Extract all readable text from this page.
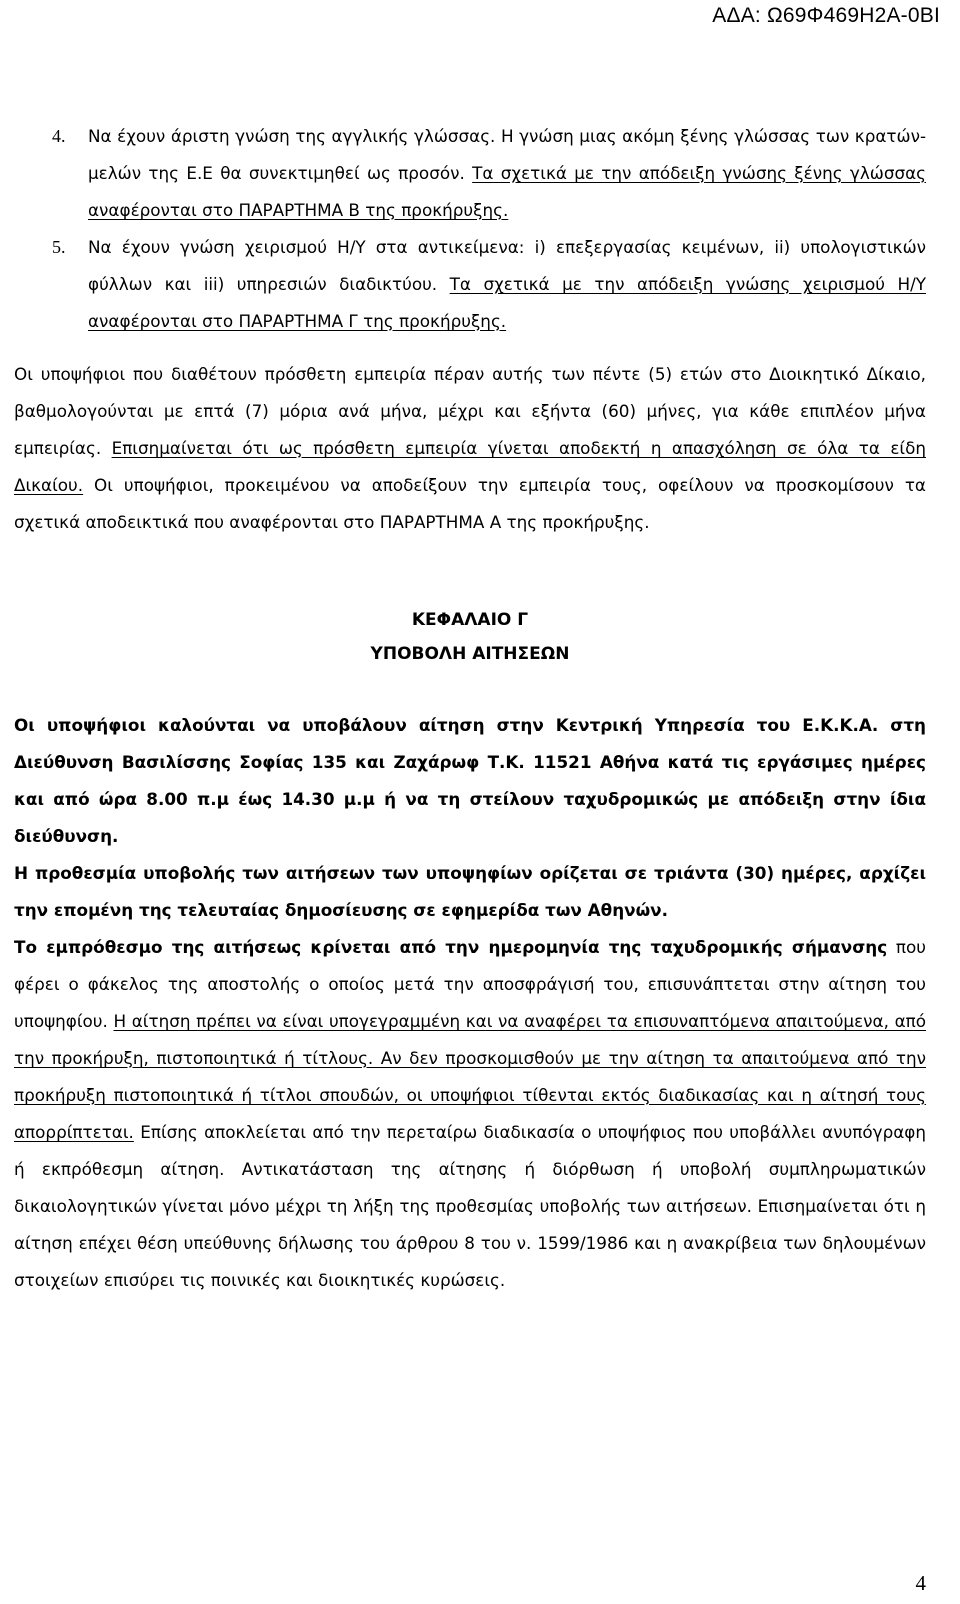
ΑΔΑ: Ω69Φ469Η2Α-0ΒΙ

4. Να έχουν άριστη γνώση της αγγλικής γλώσσας. Η γνώση μιας ακόμη ξένης γλώσσας των κρατών-μελών της Ε.Ε θα συνεκτιμηθεί ως προσόν. Τα σχετικά με την απόδειξη γνώσης ξένης γλώσσας αναφέρονται στο ΠΑΡΑΡΤΗΜΑ Β της προκήρυξης.

5. Να έχουν γνώση χειρισμού Η/Υ στα αντικείμενα: i) επεξεργασίας κειμένων, ii) υπολογιστικών φύλλων και iii) υπηρεσιών διαδικτύου. Τα σχετικά με την απόδειξη γνώσης χειρισμού Η/Υ αναφέρονται στο ΠΑΡΑΡΤΗΜΑ Γ της προκήρυξης.

Οι υποψήφιοι που διαθέτουν πρόσθετη εμπειρία πέραν αυτής των πέντε (5) ετών στο Διοικητικό Δίκαιο, βαθμολογούνται με επτά (7) μόρια ανά μήνα, μέχρι και εξήντα (60) μήνες, για κάθε επιπλέον μήνα εμπειρίας. Επισημαίνεται ότι ως πρόσθετη εμπειρία γίνεται αποδεκτή η απασχόληση σε όλα τα είδη Δικαίου. Οι υποψήφιοι, προκειμένου να αποδείξουν την εμπειρία τους, οφείλουν να προσκομίσουν τα σχετικά αποδεικτικά που αναφέρονται στο ΠΑΡΑΡΤΗΜΑ Α της προκήρυξης.

ΚΕΦΑΛΑΙΟ Γ

ΥΠΟΒΟΛΗ ΑΙΤΗΣΕΩΝ

Οι υποψήφιοι καλούνται να υποβάλουν αίτηση στην Κεντρική Υπηρεσία του Ε.Κ.Κ.Α. στη Διεύθυνση Βασιλίσσης Σοφίας 135 και Ζαχάρωφ Τ.Κ. 11521 Αθήνα κατά τις εργάσιμες ημέρες και από ώρα 8.00 π.μ έως 14.30 μ.μ ή να τη στείλουν ταχυδρομικώς με απόδειξη στην ίδια διεύθυνση.

Η προθεσμία υποβολής των αιτήσεων των υποψηφίων ορίζεται σε τριάντα (30) ημέρες, αρχίζει την επομένη της τελευταίας δημοσίευσης σε εφημερίδα των Αθηνών.

Το εμπρόθεσμο της αιτήσεως κρίνεται από την ημερομηνία της ταχυδρομικής σήμανσης που φέρει ο φάκελος της αποστολής ο οποίος μετά την αποσφράγισή του, επισυνάπτεται στην αίτηση του υποψηφίου. Η αίτηση πρέπει να είναι υπογεγραμμένη και να αναφέρει τα επισυναπτόμενα απαιτούμενα, από την προκήρυξη, πιστοποιητικά ή τίτλους. Αν δεν προσκομισθούν με την αίτηση τα απαιτούμενα από την προκήρυξη πιστοποιητικά ή τίτλοι σπουδών, οι υποψήφιοι τίθενται εκτός διαδικασίας και η αίτησή τους απορρίπτεται. Επίσης αποκλείεται από την περεταίρω διαδικασία ο υποψήφιος που υποβάλλει ανυπόγραφη ή εκπρόθεσμη αίτηση. Αντικατάσταση της αίτησης ή διόρθωση ή υποβολή συμπληρωματικών δικαιολογητικών γίνεται μόνο μέχρι τη λήξη της προθεσμίας υποβολής των αιτήσεων. Επισημαίνεται ότι η αίτηση επέχει θέση υπεύθυνης δήλωσης του άρθρου 8 του ν. 1599/1986 και η ανακρίβεια των δηλουμένων στοιχείων επισύρει τις ποινικές και διοικητικές κυρώσεις.

4
